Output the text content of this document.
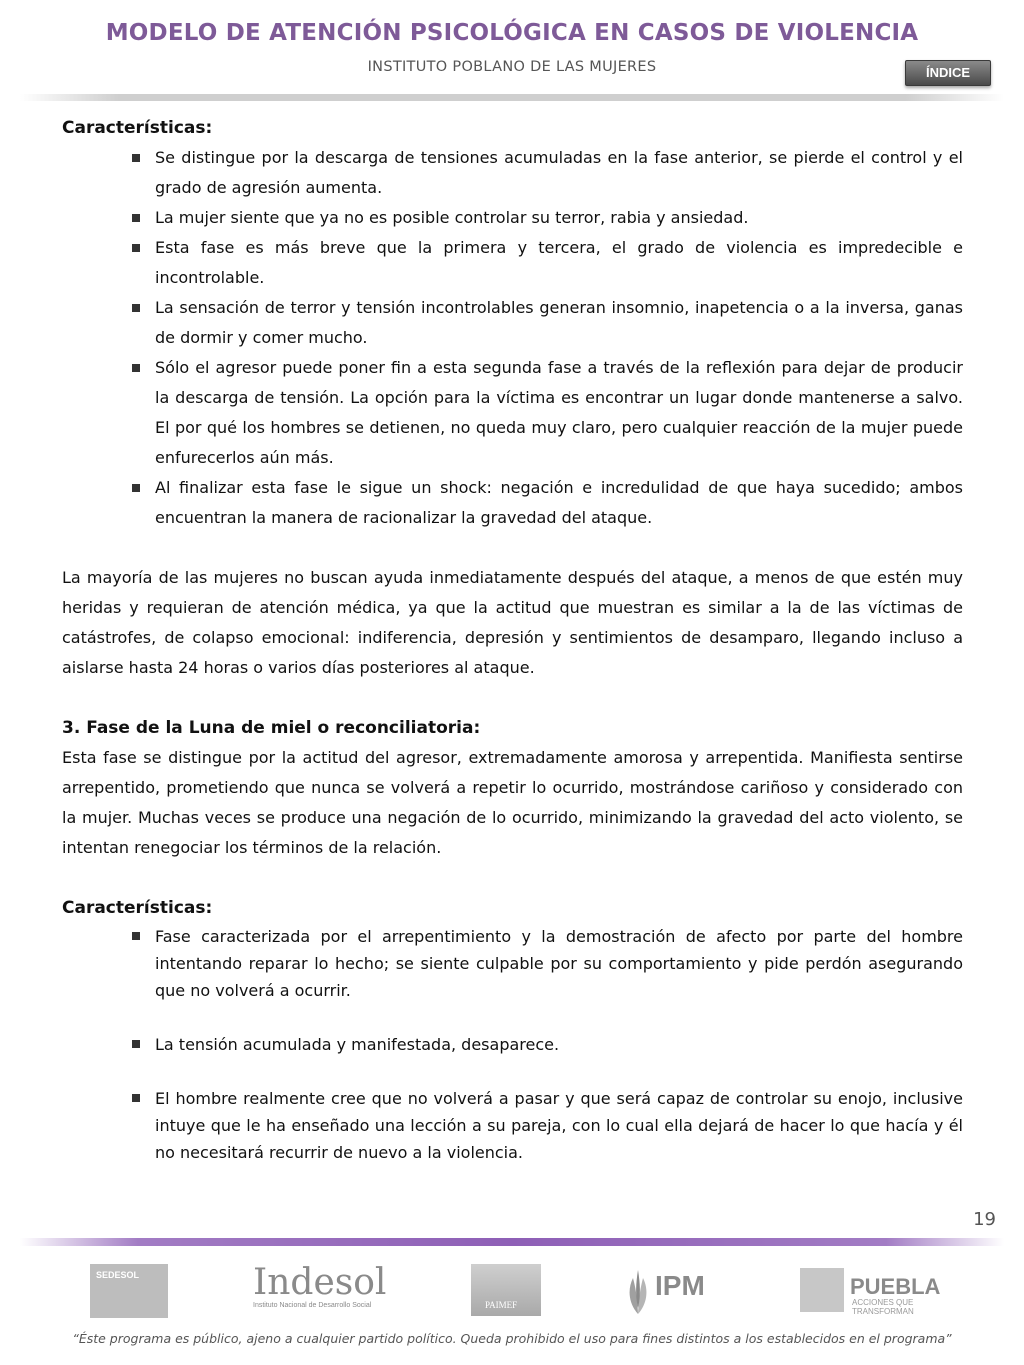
MODELO DE ATENCIÓN PSICOLÓGICA EN CASOS DE VIOLENCIA
INSTITUTO POBLANO DE LAS MUJERES	ÍNDICE

Características:

Se distingue por la descarga de tensiones acumuladas en la fase anterior, se pierde el control y el grado de agresión aumenta.
La mujer siente que ya no es posible controlar su terror, rabia y ansiedad.
Esta fase es más breve que la primera y tercera, el grado de violencia es impredecible e incontrolable.
La sensación de terror y tensión incontrolables generan insomnio, inapetencia o a la inversa, ganas de dormir y comer mucho.
Sólo el agresor puede poner fin a esta segunda fase a través de la reflexión para dejar de producir la descarga de tensión. La opción para la víctima es encontrar un lugar donde mantenerse a salvo. El por qué los hombres se detienen, no queda muy claro, pero cualquier reacción de la mujer puede enfurecerlos aún más.
Al finalizar esta fase le sigue un shock: negación e incredulidad de que haya sucedido; ambos encuentran la manera de racionalizar la gravedad del ataque.

La mayoría de las mujeres no buscan ayuda inmediatamente después del ataque, a menos de que estén muy heridas y requieran de atención médica, ya que la actitud que muestran es similar a la de las víctimas de catástrofes, de colapso emocional: indiferencia, depresión y sentimientos de desamparo, llegando incluso a aislarse hasta 24 horas o varios días posteriores al ataque.

3. Fase de la Luna de miel o reconciliatoria:

Esta fase se distingue por la actitud del agresor, extremadamente amorosa y arrepentida. Manifiesta sentirse arrepentido, prometiendo que nunca se volverá a repetir lo ocurrido, mostrándose cariñoso y considerado con la mujer. Muchas veces se produce una negación de lo ocurrido, minimizando la gravedad del acto violento, se intentan renegociar los términos de la relación.

Características:

Fase caracterizada por el arrepentimiento y la demostración de afecto por parte del hombre intentando reparar lo hecho; se siente culpable por su comportamiento y pide perdón asegurando que no volverá a ocurrir.
La tensión acumulada y manifestada, desaparece.
El hombre realmente cree que no volverá a pasar y que será capaz de controlar su enojo, inclusive intuye que le ha enseñado una lección a su pareja, con lo cual ella dejará de hacer lo que hacía y él no necesitará recurrir de nuevo a la violencia.
19
SEDESOL	Indesol
Instituto Nacional de Desarrollo Social	PAIMEF
IPM	PUEBLA
ACCIONES QUE TRANSFORMAN
“Éste programa es público, ajeno a cualquier partido político. Queda prohibido el uso para fines distintos a los establecidos en el programa”
